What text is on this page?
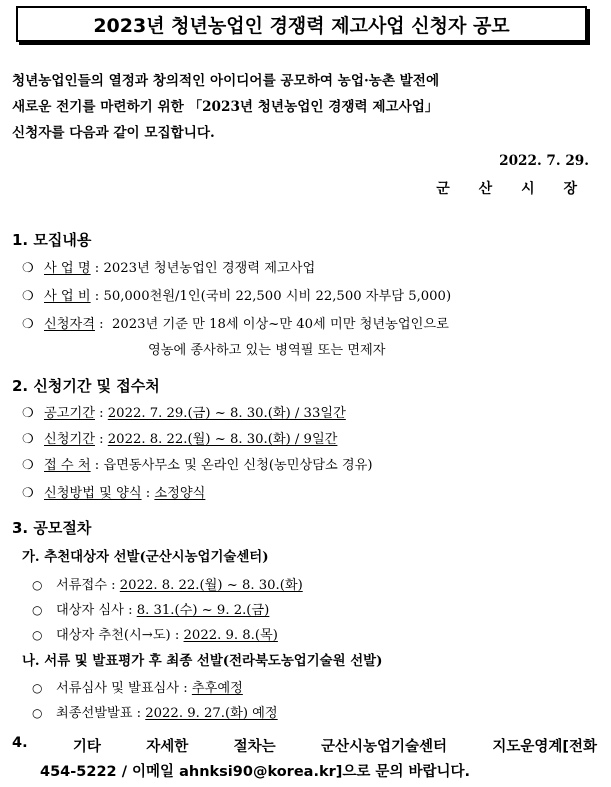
2023년 청년농업인 경쟁력 제고사업 신청자 공모
청년농업인들의 열정과 창의적인 아이디어를 공모하여 농업·농촌 발전에
새로운 전기를 마련하기 위한 「2023년 청년농업인 경쟁력 제고사업」
신청자를 다음과 같이 모집합니다.
2022. 7. 29.
군 산 시 장
1. 모집내용
❍ 사 업 명 : 2023년 청년농업인 경쟁력 제고사업
❍ 사 업 비 : 50,000천원/1인(국비 22,500 시비 22,500 자부담 5,000)
❍ 신청자격 : 2023년 기준 만 18세 이상~만 40세 미만 청년농업인으로
영농에 종사하고 있는 병역필 또는 면제자
2. 신청기간 및 접수처
❍ 공고기간 : 2022. 7. 29.(금) ~ 8. 30.(화) / 33일간
❍ 신청기간 : 2022. 8. 22.(월) ~ 8. 30.(화) / 9일간
❍ 접 수 처 : 읍면동사무소 및 온라인 신청(농민상담소 경유)
❍ 신청방법 및 양식 : 소정양식
3. 공모절차
가. 추천대상자 선발(군산시농업기술센터)
○	서류접수 : 2022. 8. 22.(월) ~ 8. 30.(화)
○	대상자 심사 : 8. 31.(수) ~ 9. 2.(금)
○	대상자 추천(시→도) : 2022. 9. 8.(목)
나. 서류 및 발표평가 후 최종 선발(전라북도농업기술원 선발)
○	서류심사 및 발표심사 : 추후예정
○	최종선발발표 : 2022. 9. 27.(화) 예정
4.	기타	자세한	절차는	군산시농업기술센터	지도운영계[전화
454-5222 / 이메일 ahnksi90@korea.kr]으로 문의 바랍니다.
